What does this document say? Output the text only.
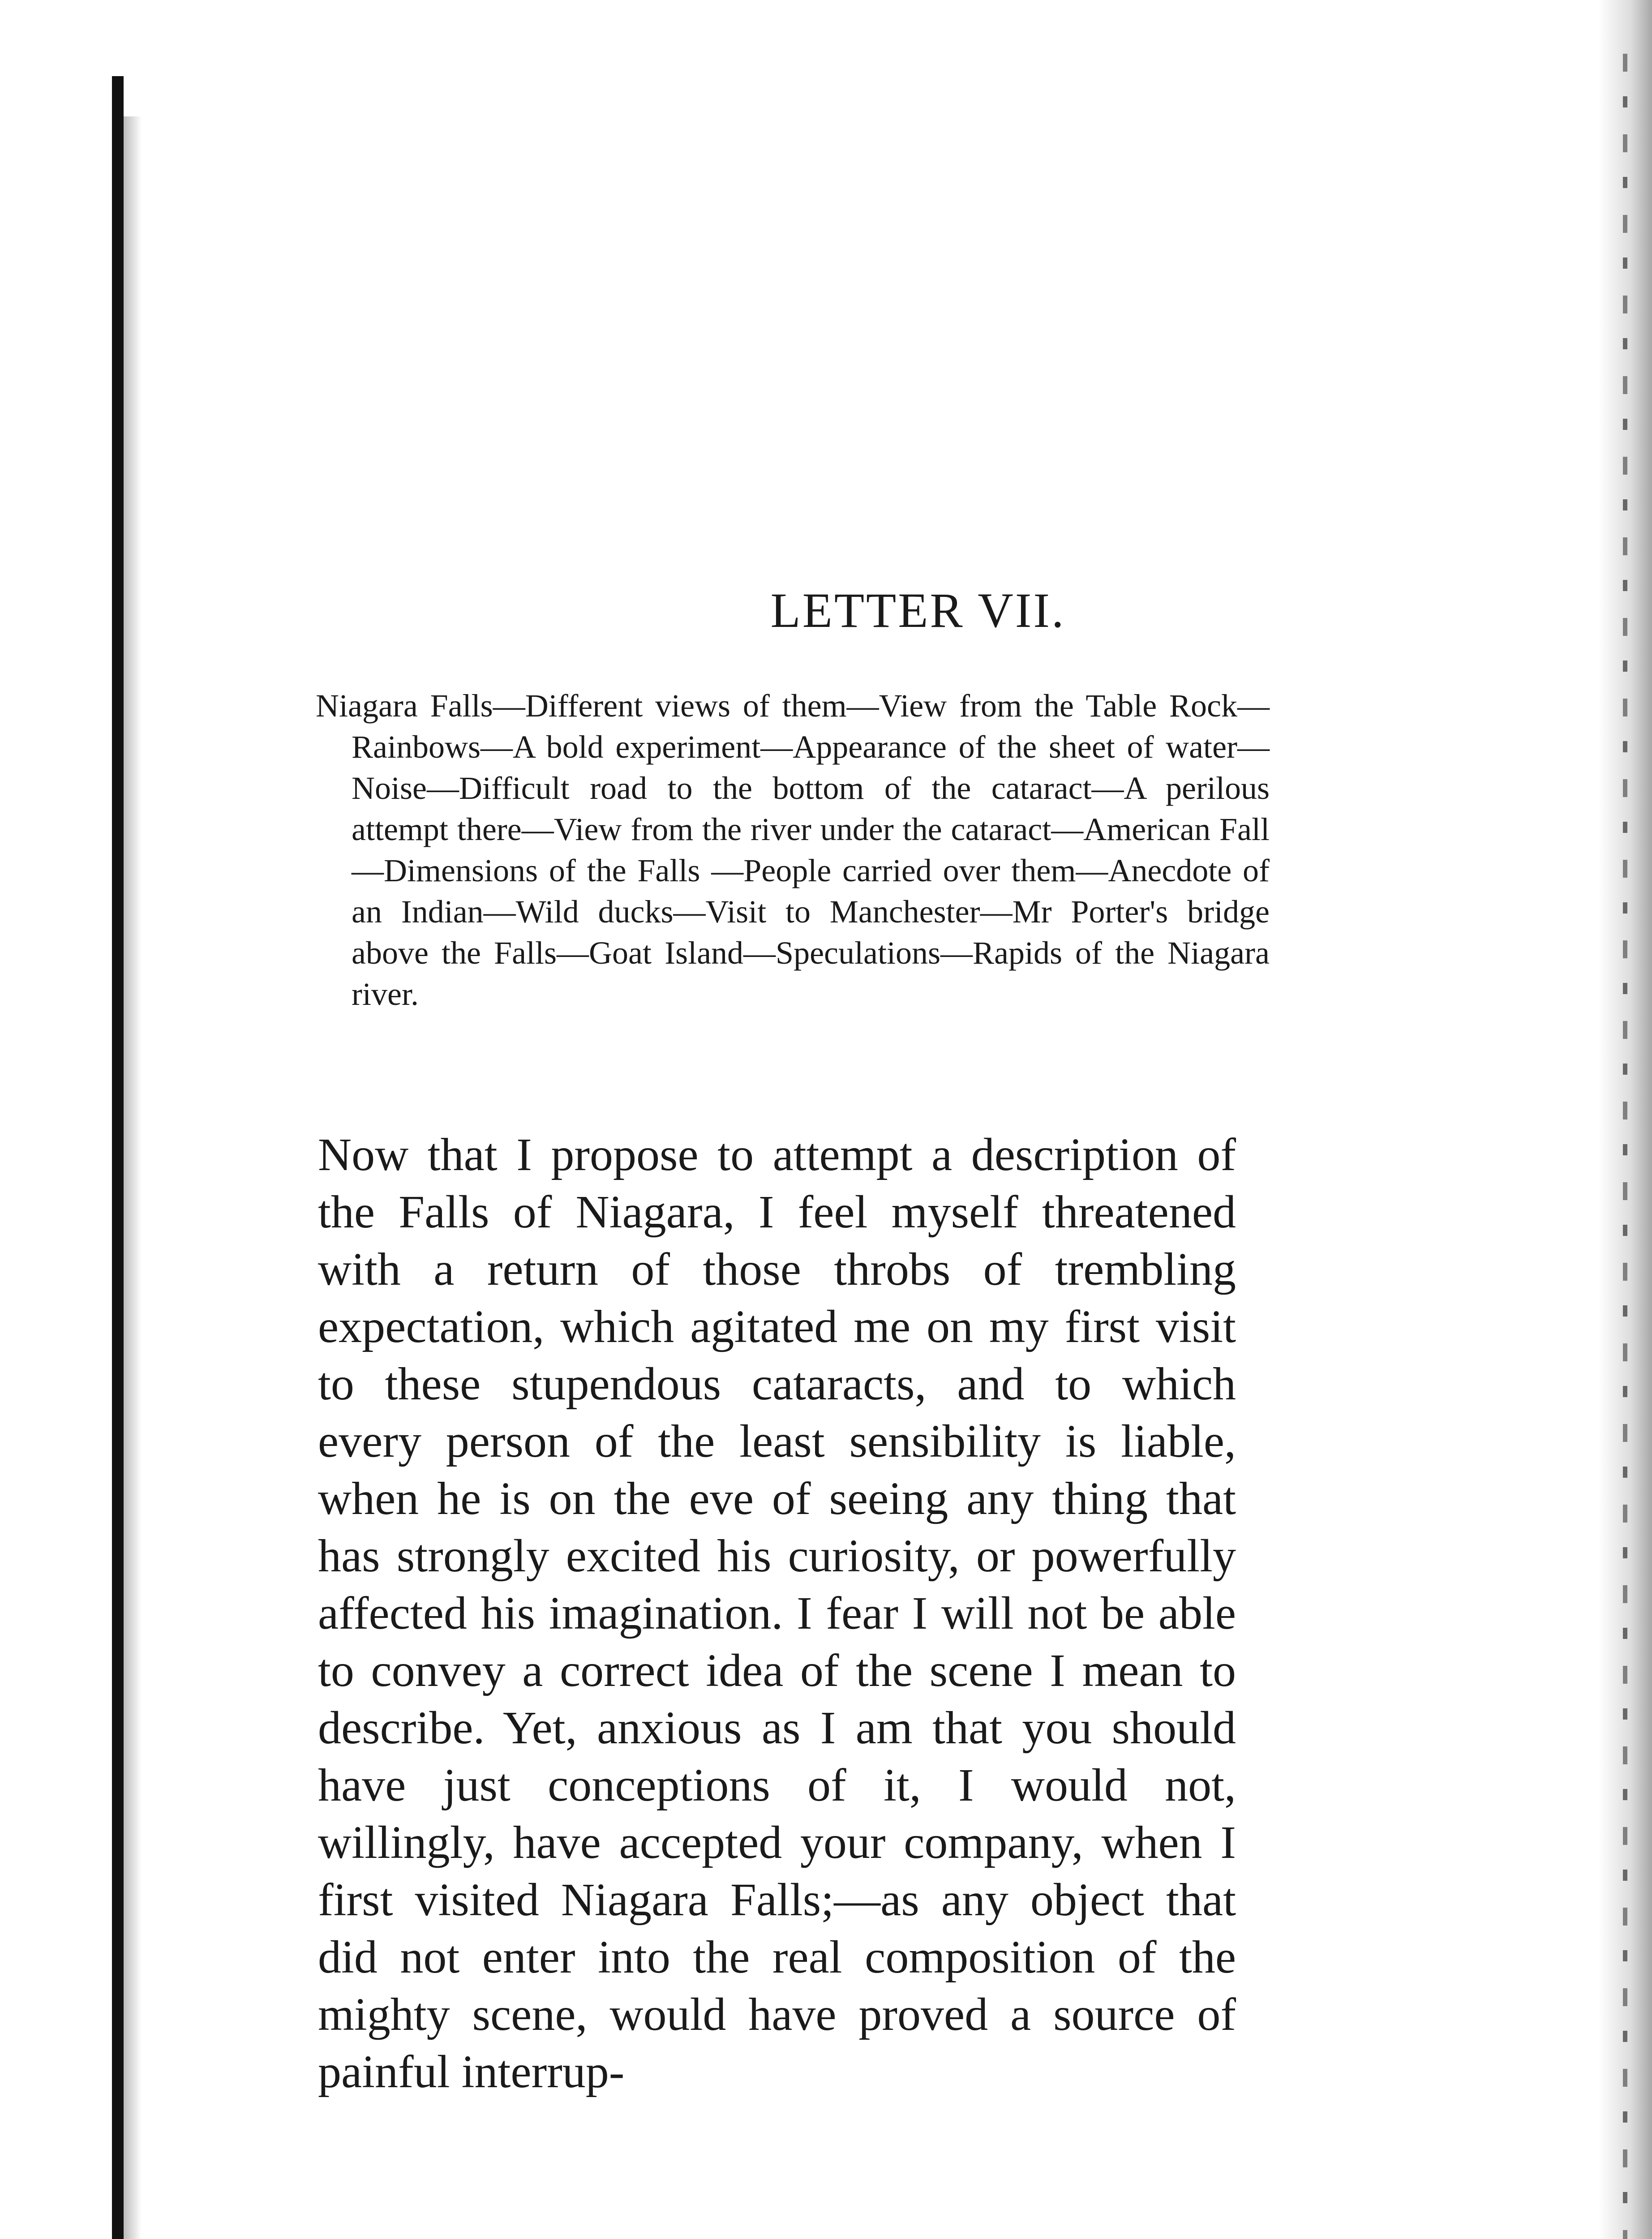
LETTER VII.

Niagara Falls—Different views of them—View from the Table Rock—Rainbows—A bold experiment—Appearance of the sheet of water—Noise—Difficult road to the bottom of the cataract—A perilous attempt there—View from the river under the cataract—American Fall—Dimensions of the Falls —People carried over them—Anecdote of an Indian—Wild ducks—Visit to Manchester—Mr Porter's bridge above the Falls—Goat Island—Speculations—Rapids of the Niagara river.

Now that I propose to attempt a description of the Falls of Niagara, I feel myself threatened with a return of those throbs of trembling expectation, which agitated me on my first visit to these stupendous cataracts, and to which every person of the least sensibility is liable, when he is on the eve of seeing any thing that has strongly excited his curiosity, or powerfully affected his imagination. I fear I will not be able to convey a correct idea of the scene I mean to describe. Yet, anxious as I am that you should have just conceptions of it, I would not, willingly, have accepted your company, when I first visited Niagara Falls;—as any object that did not enter into the real composition of the mighty scene, would have proved a source of painful interrup-
